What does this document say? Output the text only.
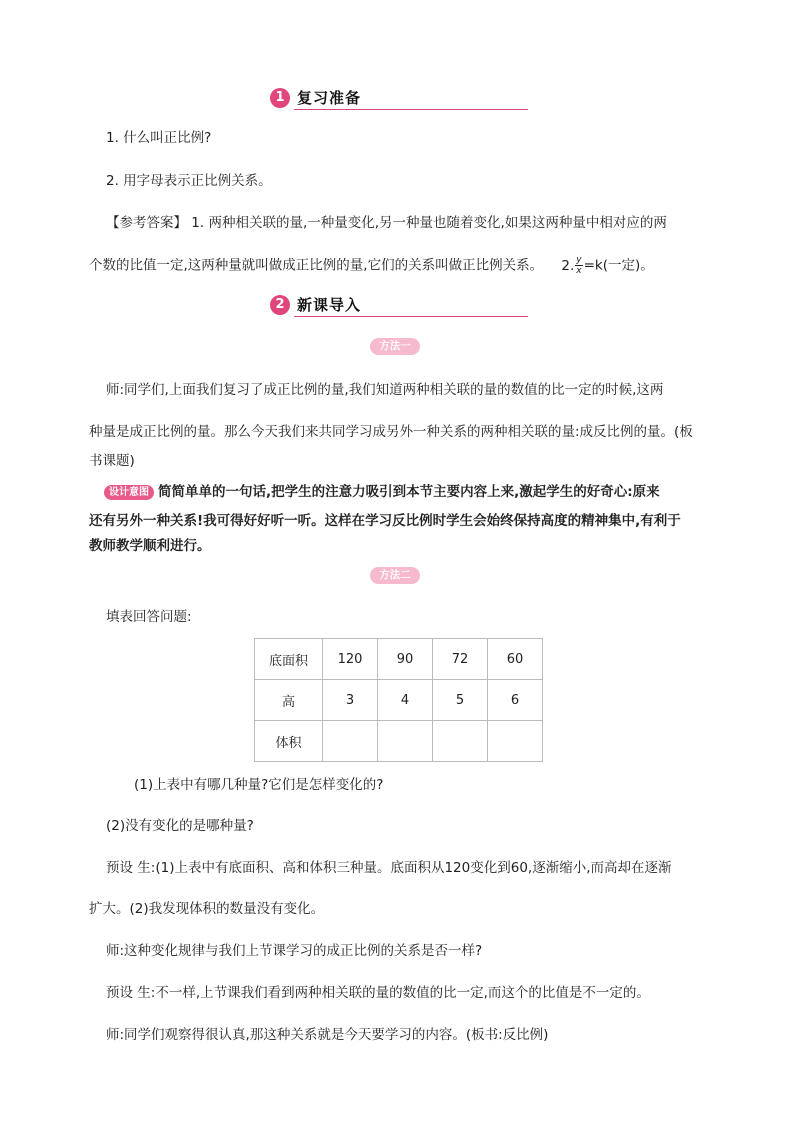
1 复习准备
1. 什么叫正比例?
2. 用字母表示正比例关系。
【参考答案】 1. 两种相关联的量,一种量变化,另一种量也随着变化,如果这两种量中相对应的两
个数的比值一定,这两种量就叫做成正比例的量,它们的关系叫做正比例关系。 2. $\frac{y}{x} =k$(一定)。
2 新课导入
方法一
师:同学们,上面我们复习了成正比例的量,我们知道两种相关联的量的数值的比一定的时候,这两
种量是成正比例的量。那么今天我们来共同学习成另外一种关系的两种相关联的量:成反比例的量。(板
书课题)
设计意图 简简单单的一句话,把学生的注意力吸引到本节主要内容上来,激起学生的好奇心:原来
还有另外一种关系!我可得好好听一听。这样在学习反比例时学生会始终保持高度的精神集中,有利于
教师教学顺利进行。
方法二
填表回答问题:
底面积	120	90	72	60
高	3	4	5	6
体积				
(1)上表中有哪几种量?它们是怎样变化的?
(2)没有变化的是哪种量?
预设 生:(1)上表中有底面积、高和体积三种量。底面积从120变化到60,逐渐缩小,而高却在逐渐
扩大。(2)我发现体积的数量没有变化。
师:这种变化规律与我们上节课学习的成正比例的关系是否一样?
预设 生:不一样,上节课我们看到两种相关联的量的数值的比一定,而这个的比值是不一定的。
师:同学们观察得很认真,那这种关系就是今天要学习的内容。(板书:反比例)
